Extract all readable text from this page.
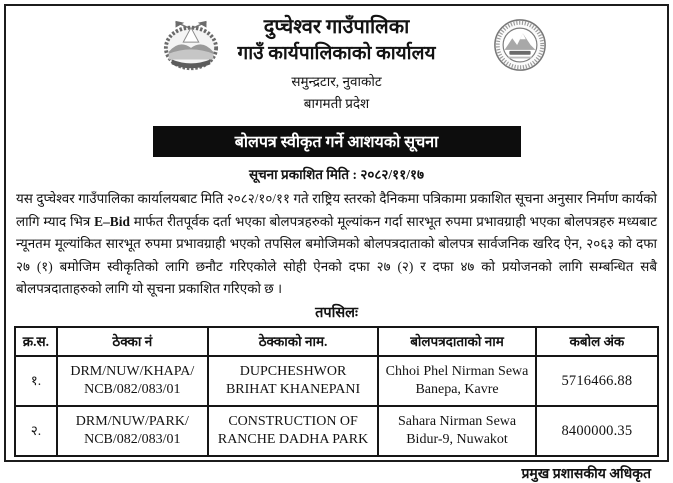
दुप्चेश्वर गाउँपालिका
गाउँ कार्यपालिकाको कार्यालय
समुन्द्रटार, नुवाकोट
बागमती प्रदेश
बोलपत्र स्वीकृत गर्ने आशयको सूचना
सूचना प्रकाशित मिति : २०८२/११/१७

यस दुप्चेश्वर गाउँपालिका कार्यालयबाट मिति २०८२/१०/११ गते राष्ट्रिय स्तरको दैनिकमा पत्रिकामा प्रकाशित सूचना अनुसार निर्माण कार्यको लागि म्याद भित्र E–Bid मार्फत रीतपूर्वक दर्ता भएका बोलपत्रहरुको मूल्यांकन गर्दा सारभूत रुपमा प्रभावग्राही भएका बोलपत्रहरु मध्यबाट न्यूनतम मूल्यांकित सारभूत रुपमा प्रभावग्राही भएको तपसिल बमोजिमको बोलपत्रदाताको बोलपत्र सार्वजनिक खरिद ऐन, २०६३ को दफा २७ (१) बमोजिम स्वीकृतिको लागि छनौट गरिएकोले सोही ऐनको दफा २७ (२) र दफा ४७ को प्रयोजनको लागि सम्बन्धित सबै बोलपत्रदाताहरुको लागि यो सूचना प्रकाशित गरिएको छ ।

तपसिलः
क्र.स.	ठेक्का नं	ठेक्काको नाम.	बोलपत्रदाताको नाम	कबोल अंक
१.	DRM/NUW/KHAPA/ NCB/082/083/01	DUPCHESHWOR BRIHAT KHANEPANI	Chhoi Phel Nirman Sewa Banepa, Kavre	5716466.88
२.	DRM/NUW/PARK/ NCB/082/083/01	CONSTRUCTION OF RANCHE DADHA PARK	Sahara Nirman Sewa Bidur-9, Nuwakot	8400000.35
प्रमुख प्रशासकीय अधिकृत
